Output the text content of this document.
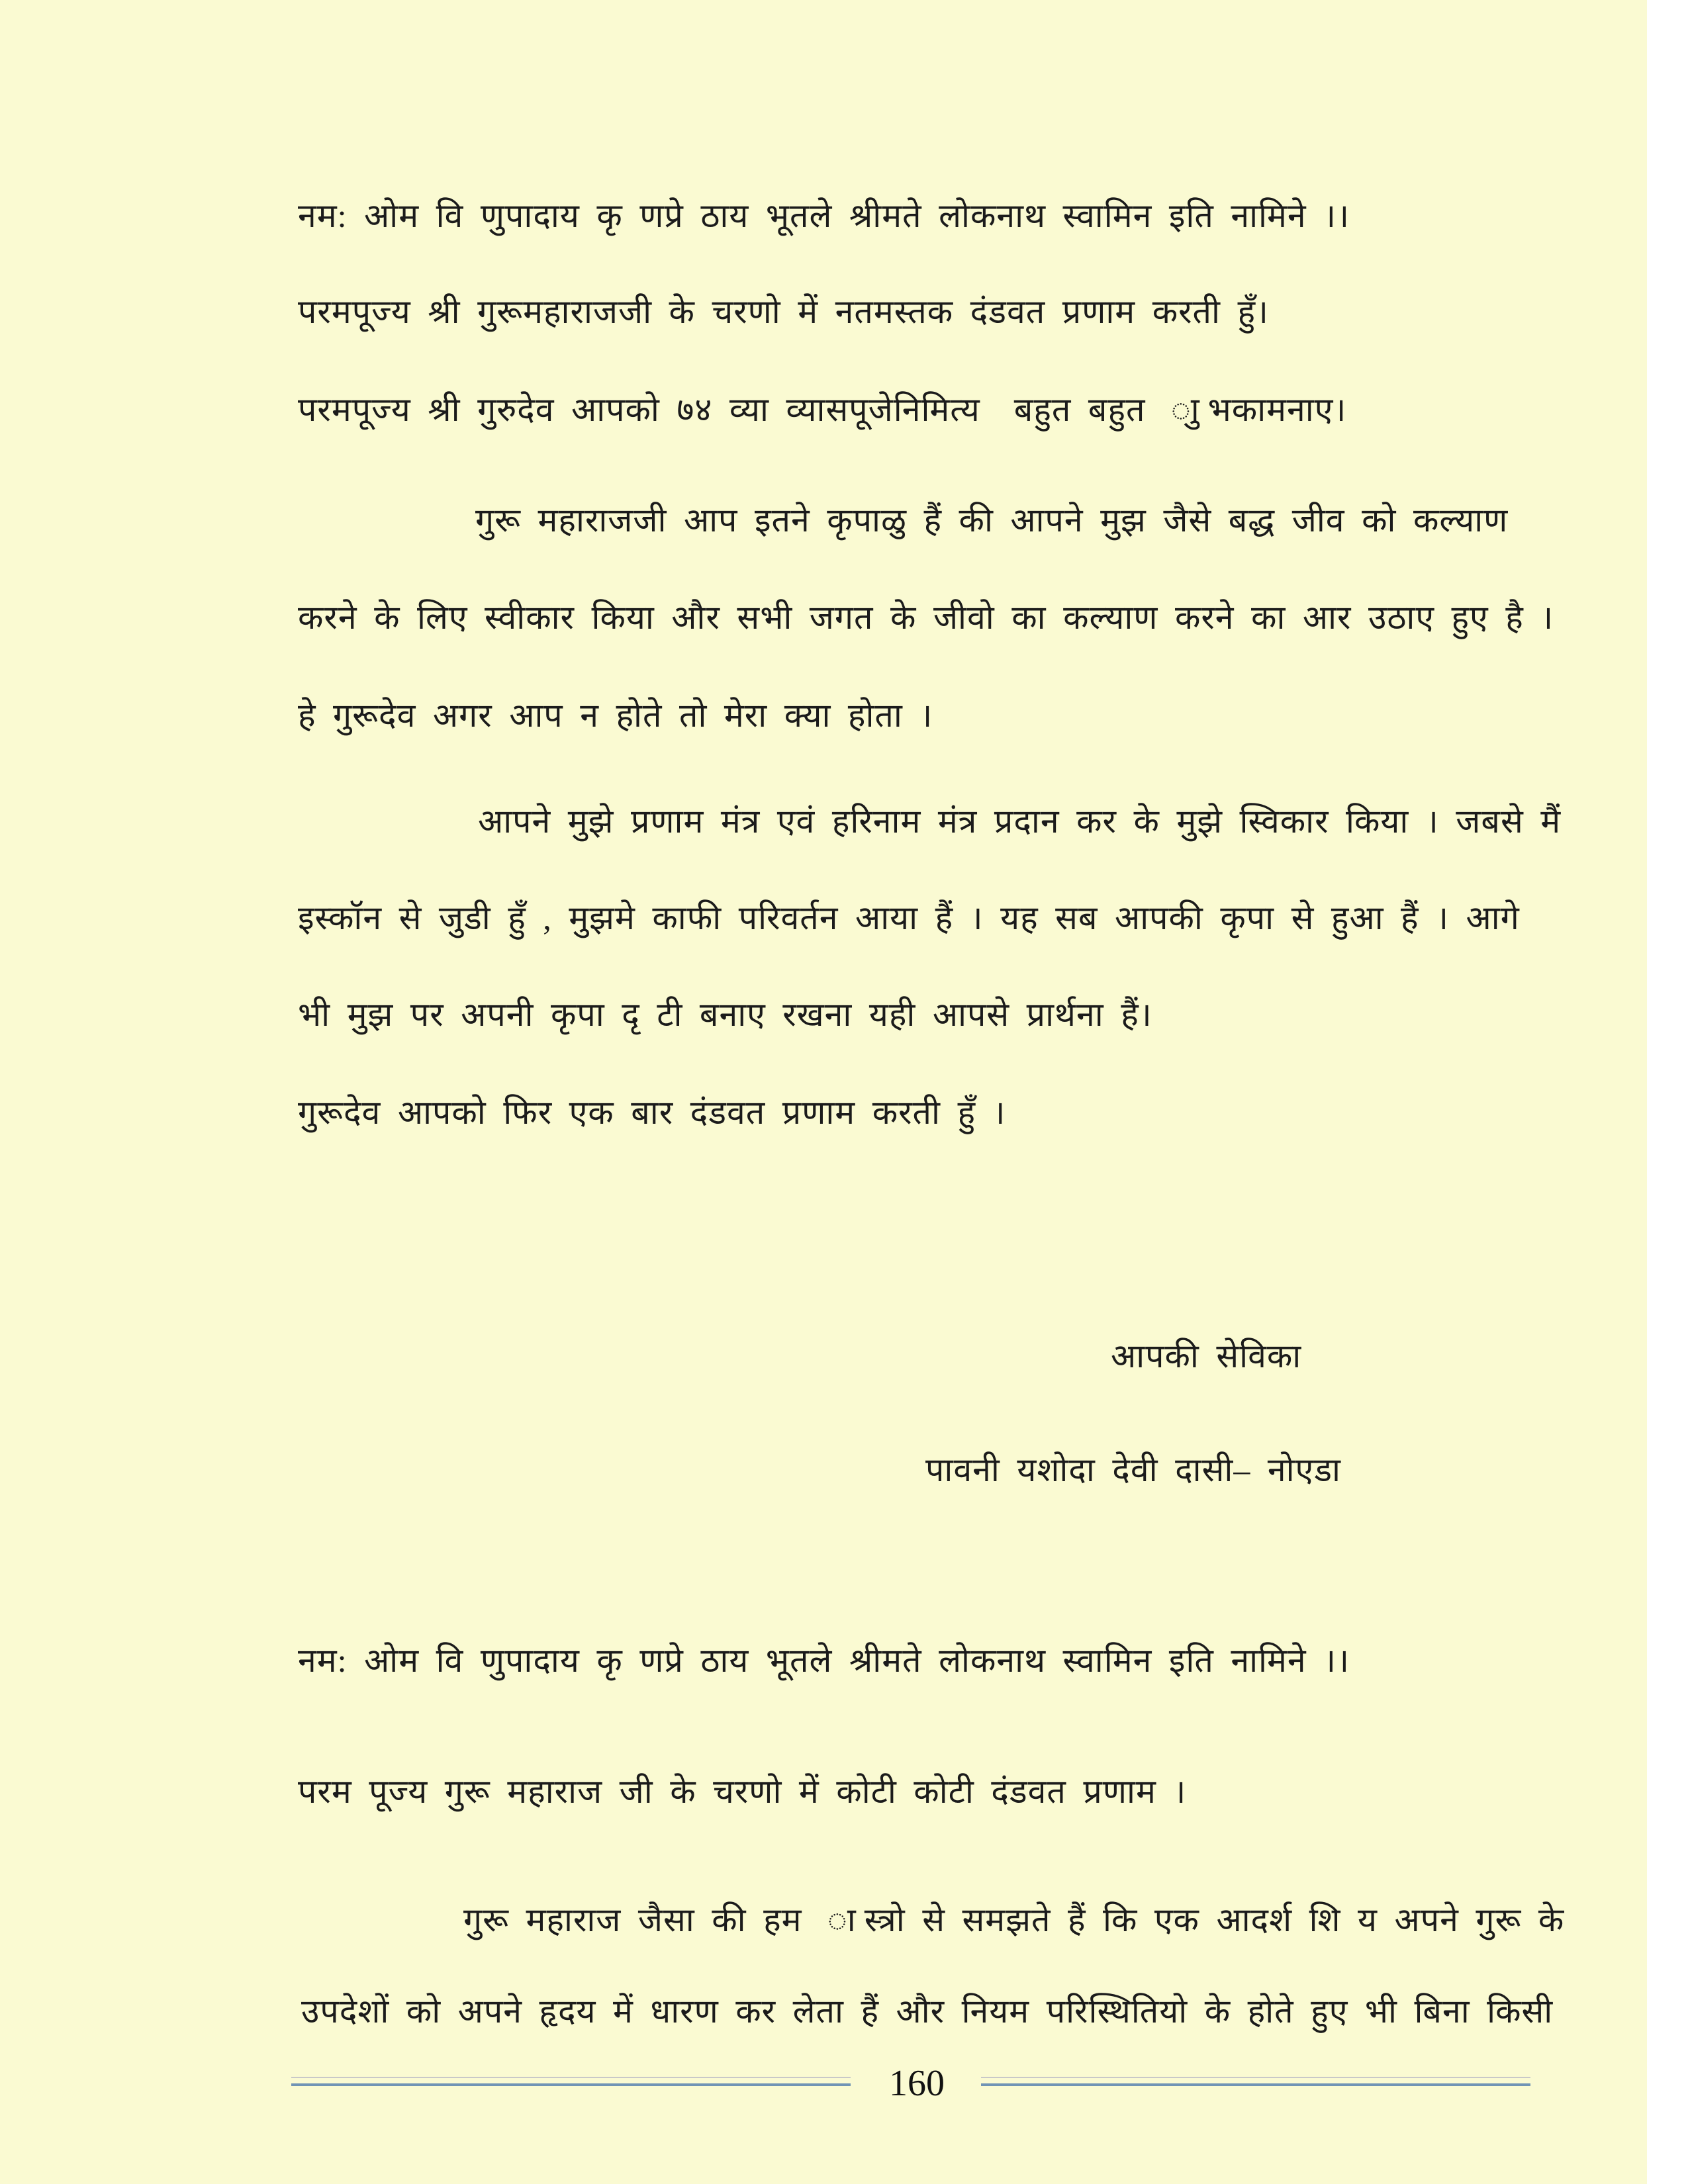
नम: ओम वि णुपादाय कृ णप्रे ठाय भूतले श्रीमते लोकनाथ स्वामिन इति नामिने ।।
परमपूज्य श्री गुरूमहाराजजी के चरणो में नतमस्तक दंडवत प्रणाम करती हुँ।
परमपूज्य श्री गुरुदेव आपको ७४ व्या व्यासपूजेनिमित्य  बहुत बहुत  ाुभकामनाए।
गुरू महाराजजी आप इतने कृपाळु हैं की आपने मुझ जैसे बद्ध जीव को कल्याण
करने के लिए स्वीकार किया और सभी जगत के जीवो का कल्याण करने का आर उठाए हुए है ।
हे गुरूदेव अगर आप न होते तो मेरा क्या होता ।
आपने मुझे प्रणाम मंत्र एवं हरिनाम मंत्र प्रदान कर के मुझे स्विकार किया । जबसे मैं
इस्कॉन से जुडी हुँ , मुझमे काफी परिवर्तन आया हैं । यह सब आपकी कृपा से हुआ हैं । आगे
भी मुझ पर अपनी कृपा दृ टी बनाए रखना यही आपसे प्रार्थना हैं।
गुरूदेव आपको फिर एक बार दंडवत प्रणाम करती हुँ ।
आपकी सेविका
पावनी यशोदा देवी दासी– नोएडा
नम: ओम वि णुपादाय कृ णप्रे ठाय भूतले श्रीमते लोकनाथ स्वामिन इति नामिने ।।
परम पूज्य गुरू महाराज जी के चरणो में कोटी कोटी दंडवत प्रणाम ।
गुरू महाराज जैसा की हम  ास्त्रो से समझते हैं कि एक आदर्श शि य अपने गुरू के
उपदेशों को अपने हृदय में धारण कर लेता हैं और नियम परिस्थितियो के होते हुए भी बिना किसी
160
